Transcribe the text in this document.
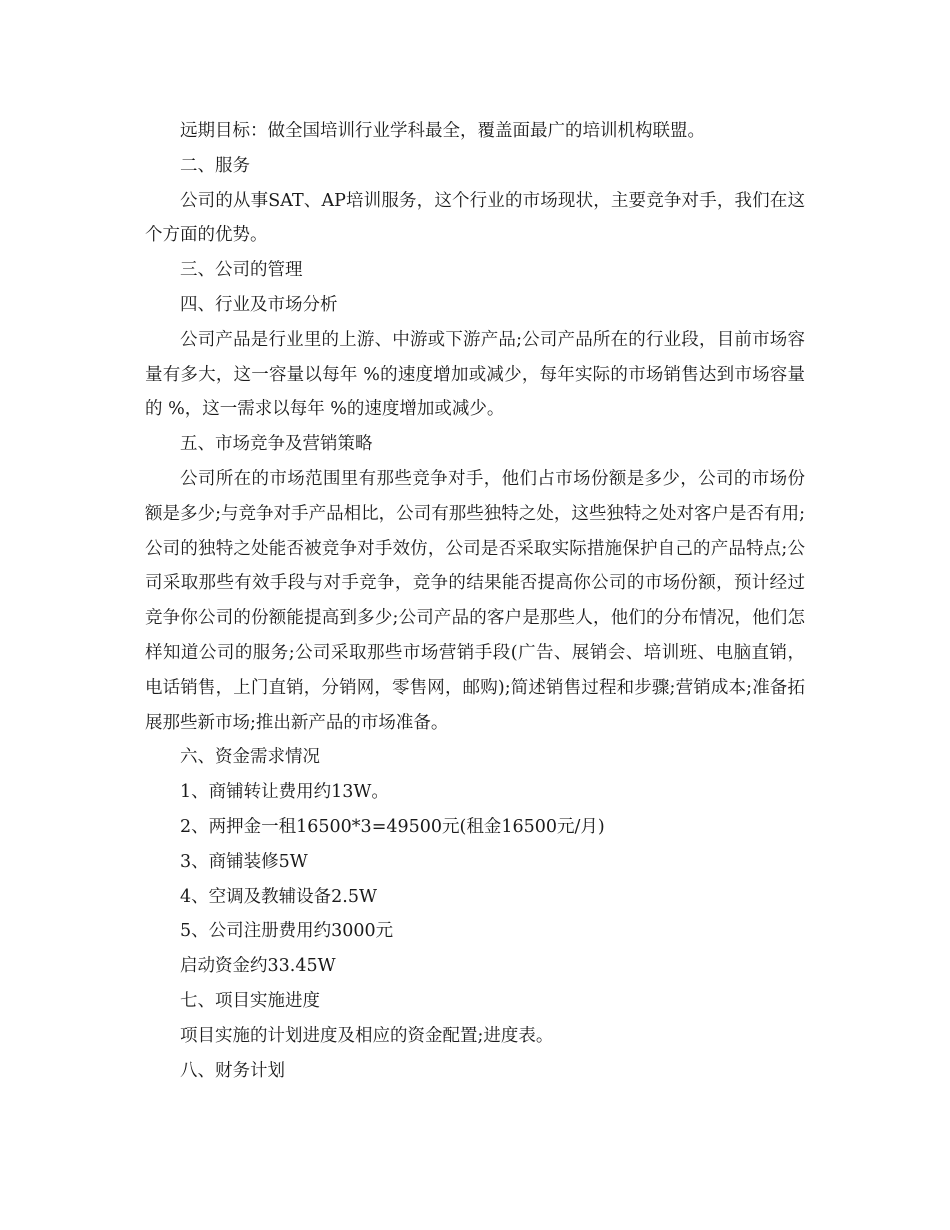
远期目标：做全国培训行业学科最全，覆盖面最广的培训机构联盟。

二、服务

公司的从事SAT、AP培训服务，这个行业的市场现状，主要竞争对手，我们在这个方面的优势。

三、公司的管理

四、行业及市场分析

公司产品是行业里的上游、中游或下游产品;公司产品所在的行业段，目前市场容量有多大，这一容量以每年 %的速度增加或减少，每年实际的市场销售达到市场容量的 %，这一需求以每年 %的速度增加或减少。

五、市场竞争及营销策略

公司所在的市场范围里有那些竞争对手，他们占市场份额是多少，公司的市场份额是多少;与竞争对手产品相比，公司有那些独特之处，这些独特之处对客户是否有用;公司的独特之处能否被竞争对手效仿，公司是否采取实际措施保护自己的产品特点;公司采取那些有效手段与对手竞争，竞争的结果能否提高你公司的市场份额，预计经过竞争你公司的份额能提高到多少;公司产品的客户是那些人，他们的分布情况，他们怎样知道公司的服务;公司采取那些市场营销手段(广告、展销会、培训班、电脑直销，电话销售，上门直销，分销网，零售网，邮购);简述销售过程和步骤;营销成本;准备拓展那些新市场;推出新产品的市场准备。

六、资金需求情况

1、商铺转让费用约13W。

2、两押金一租16500*3=49500元(租金16500元/月)

3、商铺装修5W

4、空调及教辅设备2.5W

5、公司注册费用约3000元

启动资金约33.45W

七、项目实施进度

项目实施的计划进度及相应的资金配置;进度表。

八、财务计划
